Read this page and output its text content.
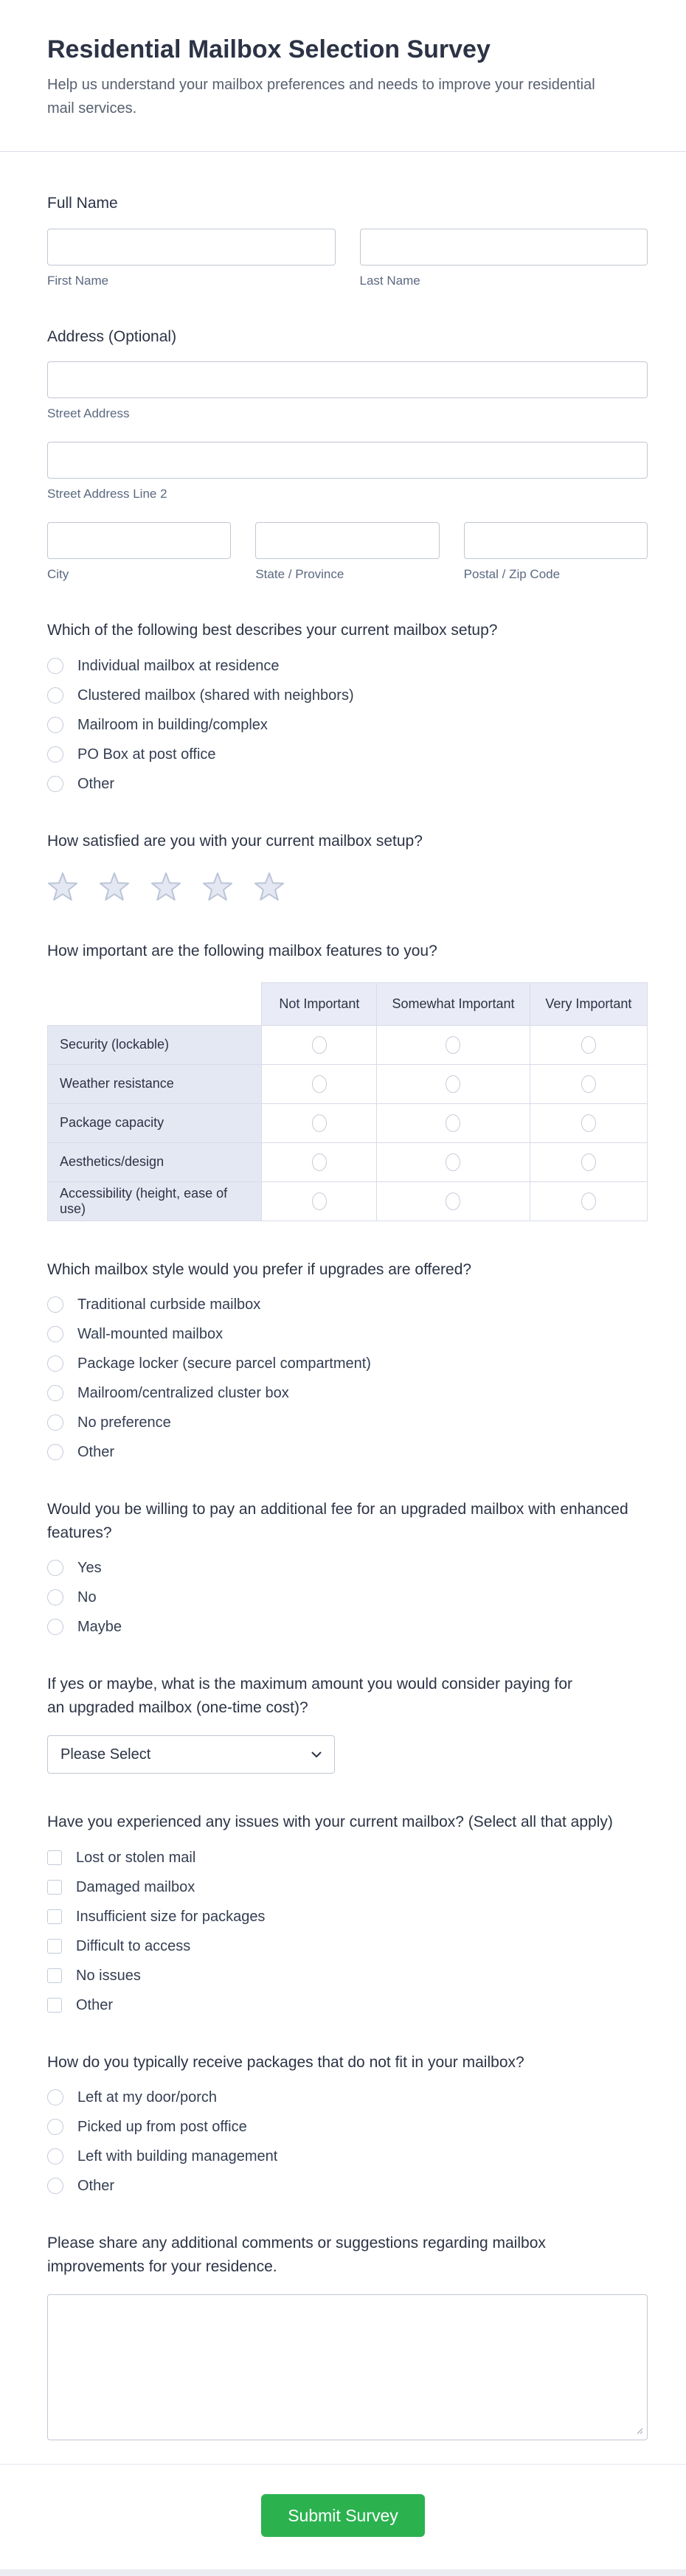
Residential Mailbox Selection Survey

Help us understand your mailbox preferences and needs to improve your residential mail services.

Full Name
First Name	Last Name
Address (Optional)
Street Address
Street Address Line 2
City	State / Province	Postal / Zip Code
Which of the following best describes your current mailbox setup?
Individual mailbox at residence
Clustered mailbox (shared with neighbors)
Mailroom in building/complex
PO Box at post office
Other
How satisfied are you with your current mailbox setup?
How important are the following mailbox features to you?
	Not Important	Somewhat Important	Very Important
Security (lockable)			
Weather resistance			
Package capacity			
Aesthetics/design			
Accessibility (height, ease of use)			
Which mailbox style would you prefer if upgrades are offered?
Traditional curbside mailbox
Wall-mounted mailbox
Package locker (secure parcel compartment)
Mailroom/centralized cluster box
No preference
Other
Would you be willing to pay an additional fee for an upgraded mailbox with enhanced features?
Yes
No
Maybe
If yes or maybe, what is the maximum amount you would consider paying for an upgraded mailbox (one-time cost)?
Please Select
Have you experienced any issues with your current mailbox? (Select all that apply)
Lost or stolen mail
Damaged mailbox
Insufficient size for packages
Difficult to access
No issues
Other
How do you typically receive packages that do not fit in your mailbox?
Left at my door/porch
Picked up from post office
Left with building management
Other
Please share any additional comments or suggestions regarding mailbox improvements for your residence.
Submit Survey
